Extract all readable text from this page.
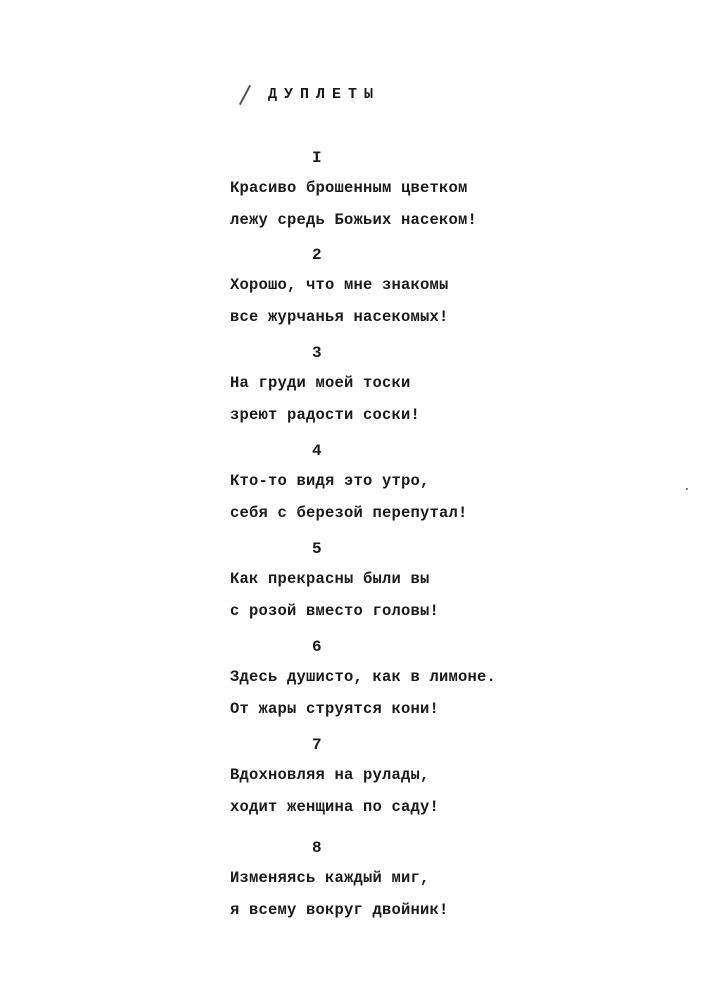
ДУПЛЕТЫ
I
Красиво брошенным цветком
лежу средь Божьих насеком!
2
Хорошо, что мне знакомы
все журчанья насекомых!
3
На груди моей тоски
зреют радости соски!
4
Кто-то видя это утро,
себя с березой перепутал!
5
Как прекрасны были вы
с розой вместо головы!
6
Здесь душисто, как в лимоне.
От жары струятся кони!
7
Вдохновляя на рулады,
ходит женщина по саду!
8
Изменяясь каждый миг,
я всему вокруг двойник!
